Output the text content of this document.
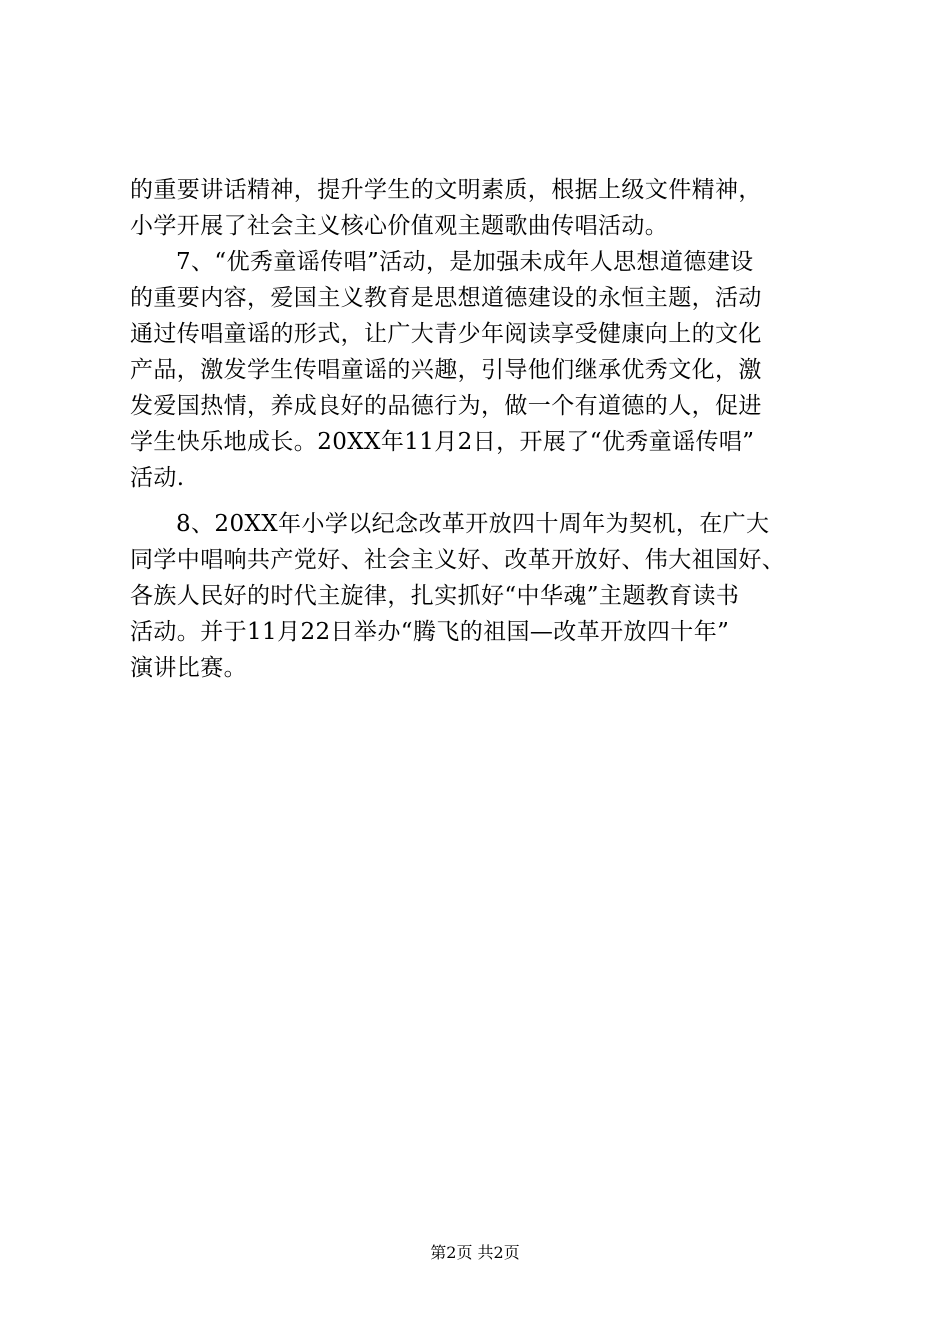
的重要讲话精神，提升学生的文明素质，根据上级文件精神，
小学开展了社会主义核心价值观主题歌曲传唱活动。
7、“优秀童谣传唱”活动，是加强未成年人思想道德建设
的重要内容，爱国主义教育是思想道德建设的永恒主题，活动
通过传唱童谣的形式，让广大青少年阅读享受健康向上的文化
产品，激发学生传唱童谣的兴趣，引导他们继承优秀文化，激
发爱国热情，养成良好的品德行为，做一个有道德的人，促进
学生快乐地成长。20XX年11月2日，开展了“优秀童谣传唱”
活动.
8、20XX年小学以纪念改革开放四十周年为契机，在广大
同学中唱响共产党好、社会主义好、改革开放好、伟大祖国好、
各族人民好的时代主旋律，扎实抓好“中华魂”主题教育读书
活动。并于11月22日举办“腾飞的祖国—改革开放四十年”
演讲比赛。
第2页 共2页
